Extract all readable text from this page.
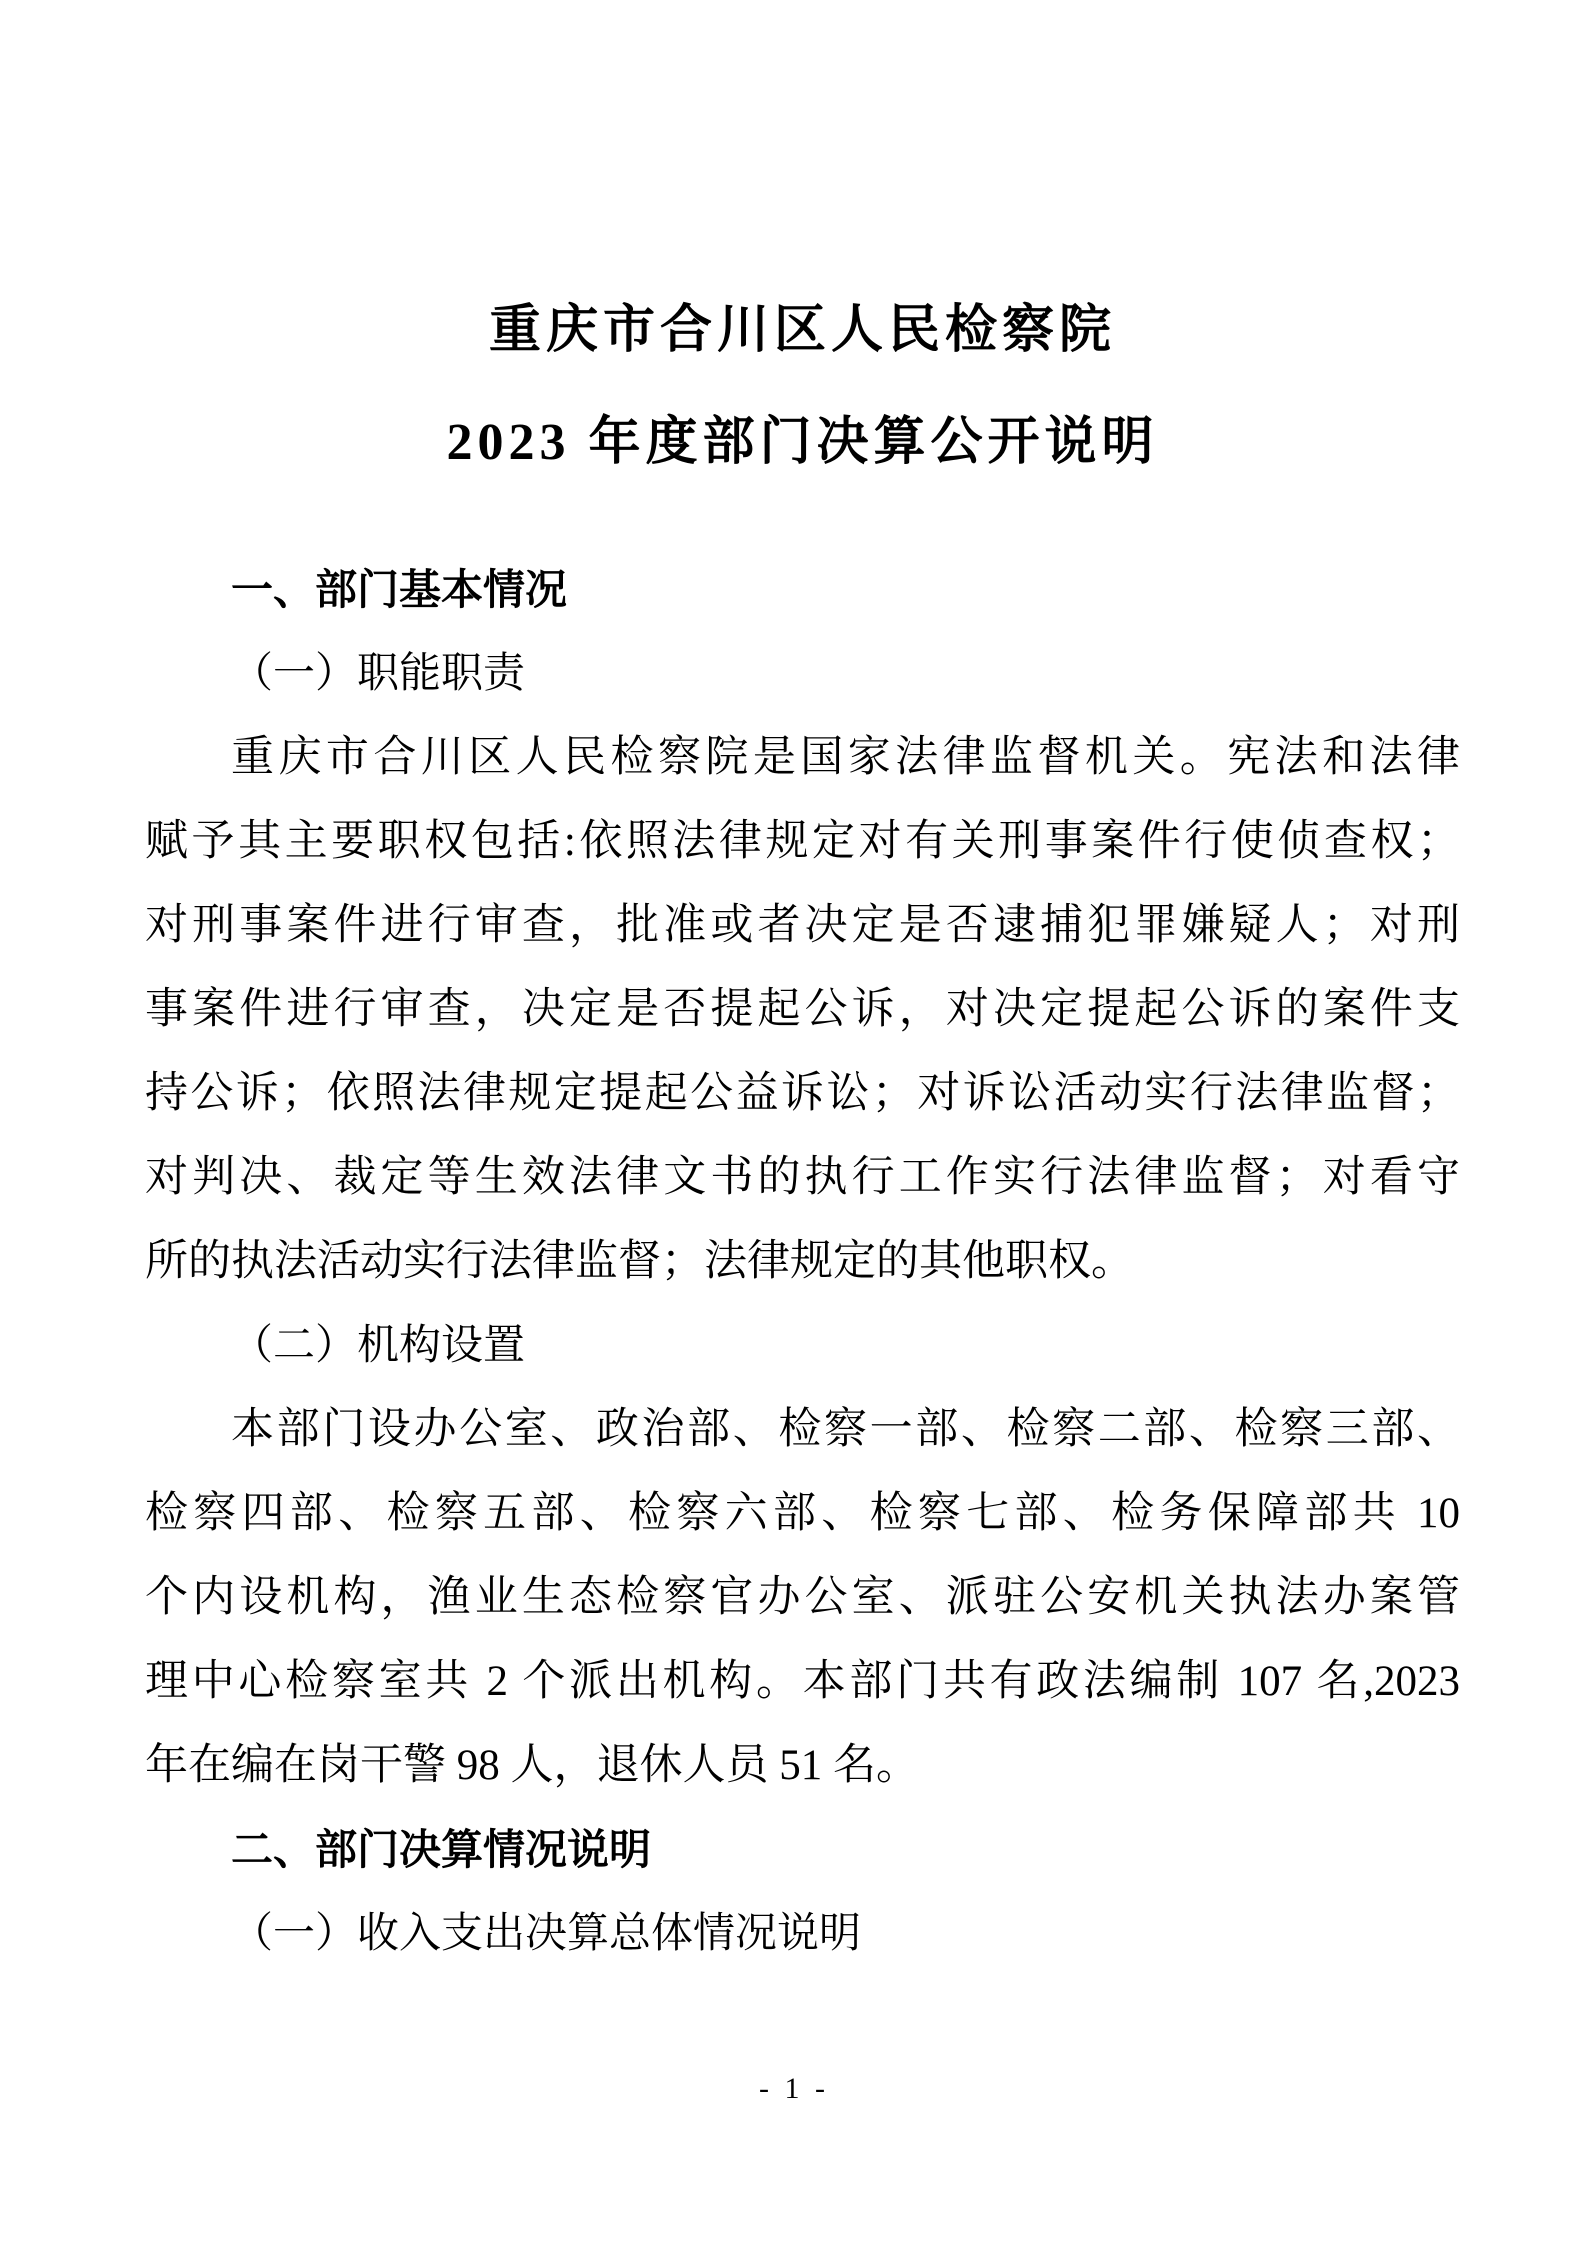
重庆市合川区人民检察院
2023 年度部门决算公开说明
一、部门基本情况
（一）职能职责
重庆市合川区人民检察院是国家法律监督机关。宪法和法律
赋予其主要职权包括:依照法律规定对有关刑事案件行使侦查权；
对刑事案件进行审查，批准或者决定是否逮捕犯罪嫌疑人；对刑
事案件进行审查，决定是否提起公诉，对决定提起公诉的案件支
持公诉；依照法律规定提起公益诉讼；对诉讼活动实行法律监督；
对判决、裁定等生效法律文书的执行工作实行法律监督；对看守
所的执法活动实行法律监督；法律规定的其他职权。
（二）机构设置
本部门设办公室、政治部、检察一部、检察二部、检察三部、
检察四部、检察五部、检察六部、检察七部、检务保障部共 10
个内设机构，渔业生态检察官办公室、派驻公安机关执法办案管
理中心检察室共 2 个派出机构。本部门共有政法编制 107 名,2023
年在编在岗干警 98 人，退休人员 51 名。
二、部门决算情况说明
（一）收入支出决算总体情况说明
- 1 -
